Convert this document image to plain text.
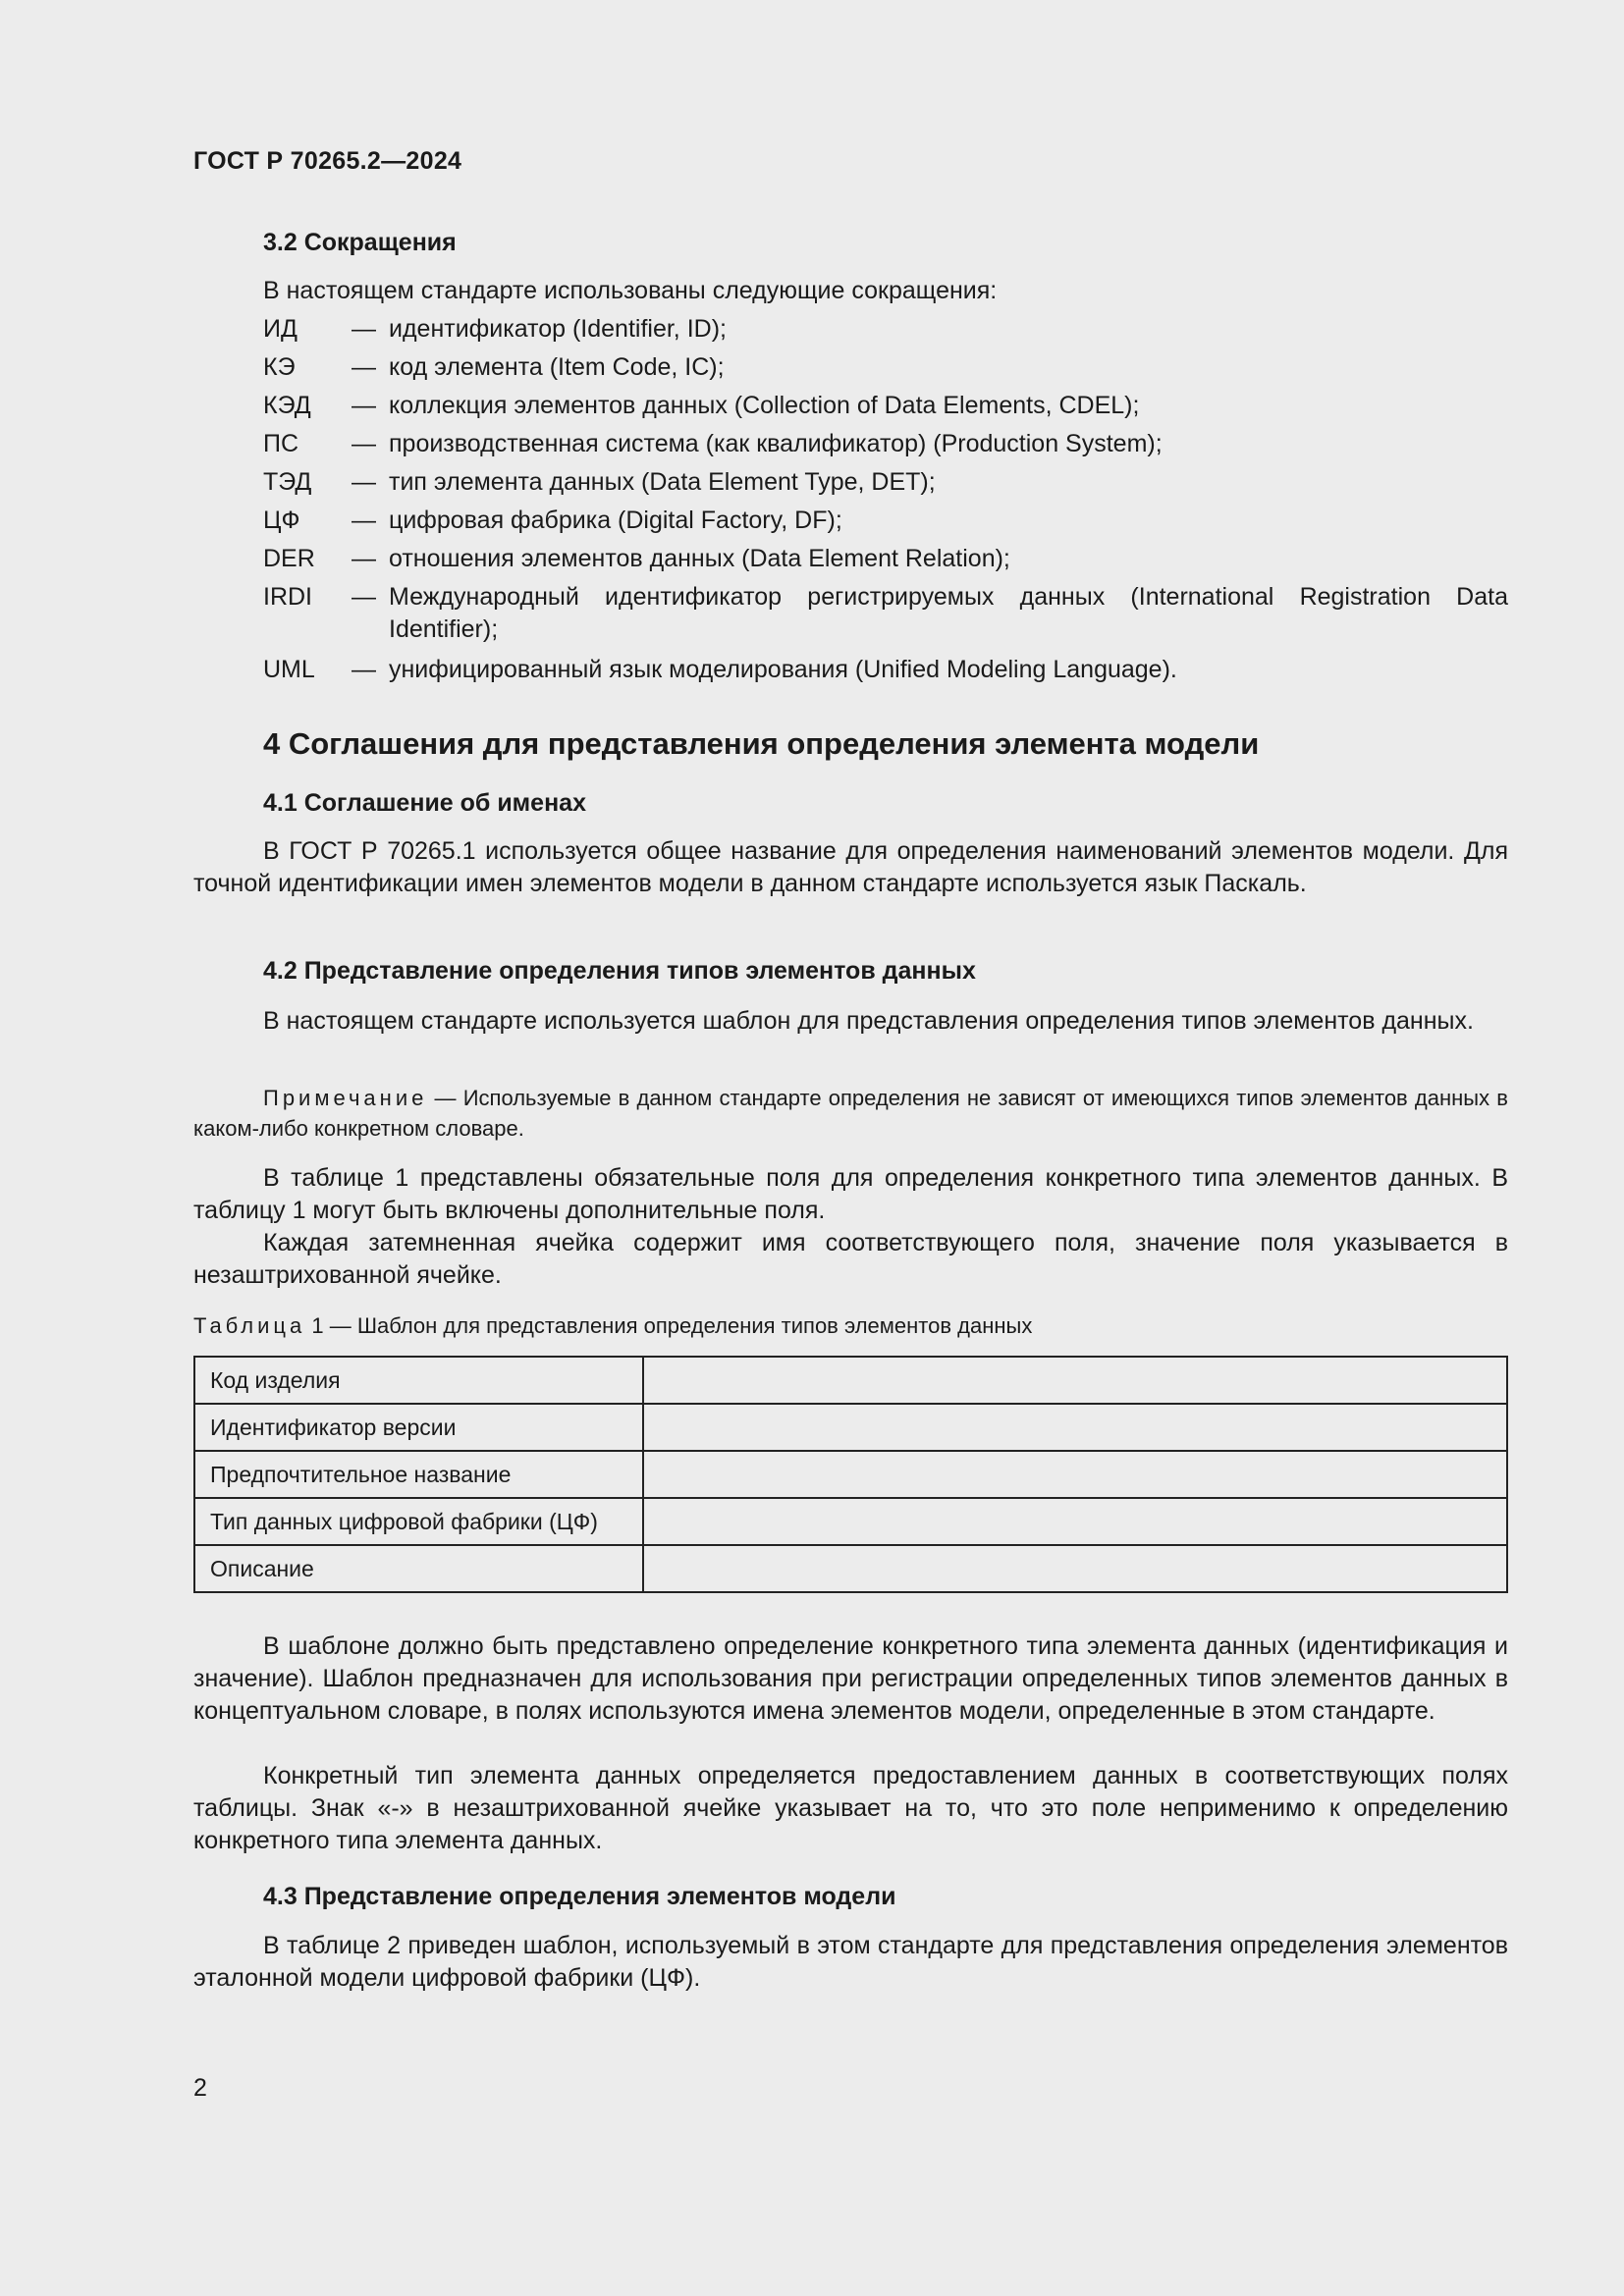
ГОСТ Р 70265.2—2024
3.2 Сокращения
В настоящем стандарте использованы следующие сокращения:
ИД — идентификатор (Identifier, ID);
КЭ — код элемента (Item Code, IC);
КЭД — коллекция элементов данных (Collection of Data Elements, CDEL);
ПС — производственная система (как квалификатор) (Production System);
ТЭД — тип элемента данных (Data Element Type, DET);
ЦФ — цифровая фабрика (Digital Factory, DF);
DER — отношения элементов данных (Data Element Relation);
IRDI — Международный идентификатор регистрируемых данных (International Registration Data Identifier);
UML — унифицированный язык моделирования (Unified Modeling Language).
4 Соглашения для представления определения элемента модели
4.1 Соглашение об именах
В ГОСТ Р 70265.1 используется общее название для определения наименований элементов модели. Для точной идентификации имен элементов модели в данном стандарте используется язык Паскаль.
4.2 Представление определения типов элементов данных
В настоящем стандарте используется шаблон для представления определения типов элементов данных.
Примечание — Используемые в данном стандарте определения не зависят от имеющихся типов элементов данных в каком-либо конкретном словаре.
В таблице 1 представлены обязательные поля для определения конкретного типа элементов данных. В таблицу 1 могут быть включены дополнительные поля.
Каждая затемненная ячейка содержит имя соответствующего поля, значение поля указывается в незаштрихованной ячейке.
Таблица 1 — Шаблон для представления определения типов элементов данных
Код изделия	
Идентификатор версии	
Предпочтительное название	
Тип данных цифровой фабрики (ЦФ)	
Описание	
В шаблоне должно быть представлено определение конкретного типа элемента данных (идентификация и значение). Шаблон предназначен для использования при регистрации определенных типов элементов данных в концептуальном словаре, в полях используются имена элементов модели, определенные в этом стандарте.
Конкретный тип элемента данных определяется предоставлением данных в соответствующих полях таблицы. Знак «-» в незаштрихованной ячейке указывает на то, что это поле неприменимо к определению конкретного типа элемента данных.
4.3 Представление определения элементов модели
В таблице 2 приведен шаблон, используемый в этом стандарте для представления определения элементов эталонной модели цифровой фабрики (ЦФ).
2
